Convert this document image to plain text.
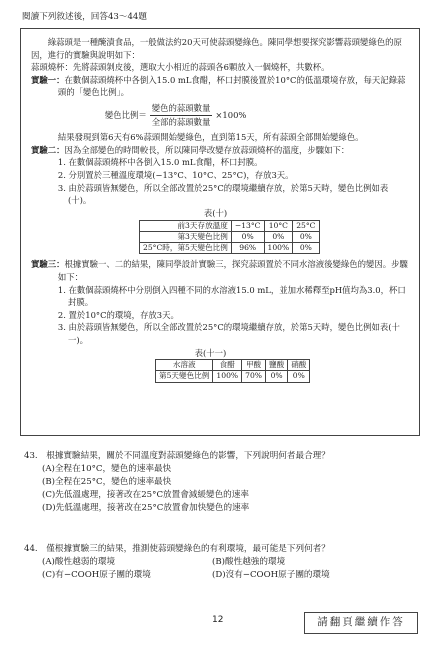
閱讀下列敘述後，回答43～44題

綠蒜頭是一種醃漬食品，一般做法約20天可使蒜頭變綠色。陳同學想要探究影響蒜頭變綠色的原因，進行的實驗與說明如下：

蒜頭燒杯：先將蒜頭剝皮後，選取大小相近的蒜頭各6顆放入一個燒杯，共數杯。

實驗一：在數個蒜頭燒杯中各倒入15.0 mL食醋，杯口封膜後置於10°C的低溫環境存放，每天記錄蒜頭的「變色比例」。

變色比例＝ $\frac{\text{變色的蒜頭數量}}{\text{全部的蒜頭數量}} \times 100\%$

結果發現到第6天有6%蒜頭開始變綠色，直到第15天，所有蒜頭全部開始變綠色。

實驗二：因為全部變色的時間較長，所以陳同學改變存放蒜頭燒杯的溫度，步驟如下：

1. 在數個蒜頭燒杯中各倒入15.0 mL食醋，杯口封膜。

2. 分別置於三種溫度環境(−13°C、10°C、25°C)，存放3天。

3. 由於蒜頭皆無變色，所以全部改置於25°C的環境繼續存放，於第5天時，變色比例如表(十)。

表(十)

前3天存放溫度	−13°C	10°C	25°C
第3天變色比例	0%	0%	0%
25°C時，第5天變色比例	96%	100%	0%

實驗三：根據實驗一、二的結果，陳同學設計實驗三，探究蒜頭置於不同水溶液後變綠色的變因。步驟如下：

1. 在數個蒜頭燒杯中分別倒入四種不同的水溶液15.0 mL，並加水稀釋至pH值均為3.0，杯口封膜。

2. 置於10°C的環境，存放3天。

3. 由於蒜頭皆無變色，所以全部改置於25°C的環境繼續存放，於第5天時，變色比例如表(十一)。

表(十一)

水溶液	食醋	甲酸	鹽酸	硝酸
第5天變色比例	100%	70%	0%	0%
43.　根據實驗結果，關於不同溫度對蒜頭變綠色的影響，下列說明何者最合理？
(A)全程在10°C，變色的速率最快
(B)全程在25°C，變色的速率最快
(C)先低溫處理，接著改在25°C放置會減緩變色的速率
(D)先低溫處理，接著改在25°C放置會加快變色的速率
44.　僅根據實驗三的結果，推測使蒜頭變綠色的有利環境，最可能是下列何者？
(A)酸性越弱的環境	(B)酸性越強的環境
(C)有−COOH原子團的環境	(D)沒有−COOH原子團的環境
12	請翻頁繼續作答
